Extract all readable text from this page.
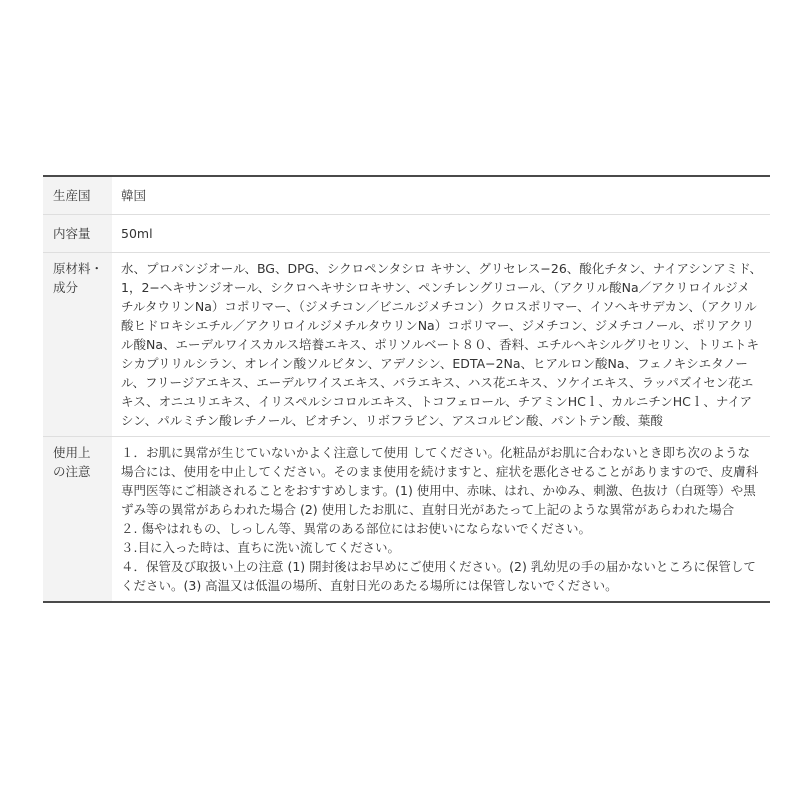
生産国	韓国
内容量	50ml
原材料・
成分
水、プロパンジオール、BG、DPG、シクロペンタシロ キサン、グリセレス−26、酸化チタン、ナイアシンアミド、1，2−ヘキサンジオール、シクロヘキサシロキサン、ペンチレングリコール、（アクリル酸Na／アクリロイルジメチルタウリンNa）コポリマー、（ジメチコン／ビニルジメチコン）クロスポリマー、イソヘキサデカン、（アクリル酸ヒドロキシエチル／アクリロイルジメチルタウリンNa）コポリマー、ジメチコン、ジメチコノール、ポリアクリル酸Na、エーデルワイスカルス培養エキス、ポリソルベート８０、香料、エチルヘキシルグリセリン、トリエトキシカプリリルシラン、オレイン酸ソルビタン、アデノシン、EDTA−2Na、ヒアルロン酸Na、フェノキシエタノール、フリージアエキス、エーデルワイスエキス、バラエキス、ハス花エキス、ソケイエキス、ラッパズイセン花エキス、オニユリエキス、イリスペルシコロルエキス、トコフェロール、チアミンHCｌ、カルニチンHCｌ、ナイアシン、パルミチン酸レチノール、ビオチン、リボフラビン、アスコルビン酸、パントテン酸、葉酸
使用上
の注意

１．お肌に異常が生じていないかよく注意して使用 してください。化粧品がお肌に合わないとき即ち次のような場合には、使用を中止してください。そのまま使用を続けますと、症状を悪化させることがありますので、皮膚科専門医等にご相談されることをおすすめします。(1) 使用中、赤味、はれ、かゆみ、刺激、色抜け（白斑等）や黒ずみ等の異常があらわれた場合 (2) 使用したお肌に、直射日光があたって上記のような異常があらわれた場合

２. 傷やはれもの、しっしん等、異常のある部位にはお使いにならないでください。

３.目に入った時は、直ちに洗い流してください。

４．保管及び取扱い上の注意 (1) 開封後はお早めにご使用ください。(2) 乳幼児の手の届かないところに保管してください。(3) 高温又は低温の場所、直射日光のあたる場所には保管しないでください。
